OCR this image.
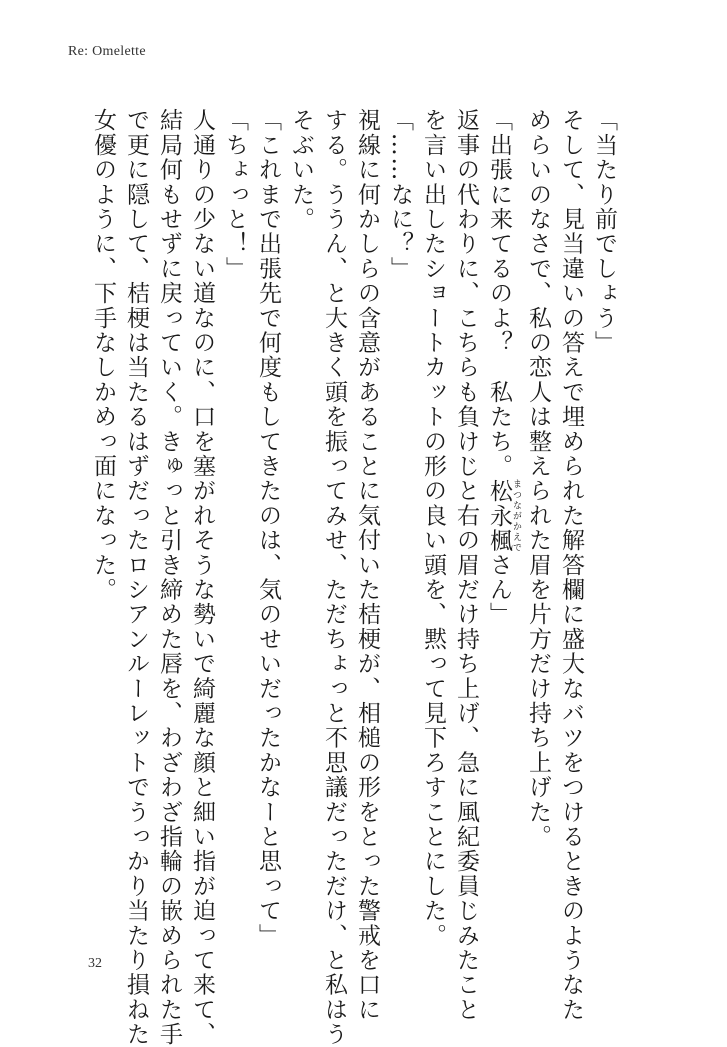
Re: Omelette

「当たり前でしょう」

そして、見当違いの答えで埋められた解答欄に盛大なバツをつけるときのようなた

めらいのなさで、私の恋人は整えられた眉を片方だけ持ち上げた。

「出張に来てるのよ？　私たち。松永楓 まつながかえでさん」

返事の代わりに、こちらも負けじと右の眉だけ持ち上げ、急に風紀委員じみたこと

を言い出したショートカットの形の良い頭を、黙って見下ろすことにした。

「……なに？」

視線に何かしらの含意があることに気付いた桔梗が、相槌の形をとった警戒を口に

する。ううん、と大きく頭を振ってみせ、ただちょっと不思議だっただけ、と私はう

そぶいた。

「これまで出張先で何度もしてきたのは、気のせいだったかなーと思って」

「ちょっと！」

人通りの少ない道なのに、口を塞がれそうな勢いで綺麗な顔と細い指が迫って来て、

結局何もせずに戻っていく。きゅっと引き締めた唇を、わざわざ指輪の嵌められた手

で更に隠して、桔梗は当たるはずだったロシアンルーレットでうっかり当たり損ねた

女優のように、下手なしかめっ面になった。

32
